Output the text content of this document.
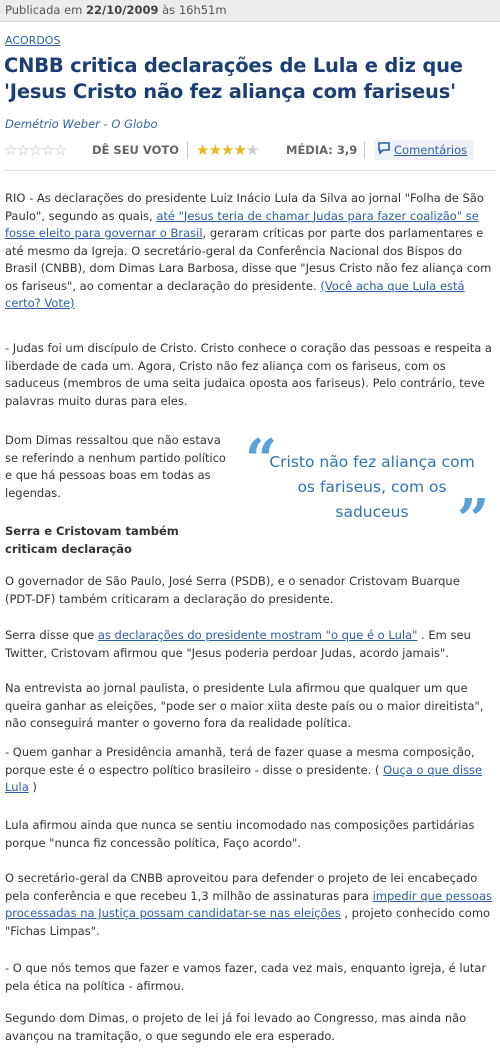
Publicada em 22/10/2009 às 16h51m
ACORDOS
CNBB critica declarações de Lula e diz que 'Jesus Cristo não fez aliança com fariseus'
Demétrio Weber - O Globo
☆☆☆☆☆ DÊ SEU VOTO ★★★★★ MÉDIA: 3,9	Comentários

RIO - As declarações do presidente Luiz Inácio Lula da Silva ao jornal "Folha de São Paulo", segundo as quais, até "Jesus teria de chamar Judas para fazer coalizão" se fosse eleito para governar o Brasil, geraram críticas por parte dos parlamentares e até mesmo da Igreja. O secretário-geral da Conferência Nacional dos Bispos do Brasil (CNBB), dom Dimas Lara Barbosa, disse que "Jesus Cristo não fez aliança com os fariseus", ao comentar a declaração do presidente. (Você acha que Lula está certo? Vote)

- Judas foi um discípulo de Cristo. Cristo conhece o coração das pessoas e respeita a liberdade de cada um. Agora, Cristo não fez aliança com os fariseus, com os saduceus (membros de uma seita judaica oposta aos fariseus). Pelo contrário, teve palavras muito duras para eles.

Dom Dimas ressaltou que não estava se referindo a nenhum partido político e que há pessoas boas em todas as legendas.	“
Cristo não fez aliança com os fariseus, com os saduceus ”
Serra e Cristovam também criticam declaração

O governador de São Paulo, José Serra (PSDB), e o senador Cristovam Buarque (PDT-DF) também criticaram a declaração do presidente.

Serra disse que as declarações do presidente mostram "o que é o Lula" . Em seu Twitter, Cristovam afirmou que "Jesus poderia perdoar Judas, acordo jamais".

Na entrevista ao jornal paulista, o presidente Lula afirmou que qualquer um que queira ganhar as eleições, "pode ser o maior xiita deste país ou o maior direitista", não conseguirá manter o governo fora da realidade política.

- Quem ganhar a Presidência amanhã, terá de fazer quase a mesma composição, porque este é o espectro político brasileiro - disse o presidente. ( Ouça o que disse Lula )

Lula afirmou ainda que nunca se sentiu incomodado nas composições partidárias porque "nunca fiz concessão política, Faço acordo".

O secretário-geral da CNBB aproveitou para defender o projeto de lei encabeçado pela conferência e que recebeu 1,3 milhão de assinaturas para impedir que pessoas processadas na Justiça possam candidatar-se nas eleições , projeto conhecido como "Fichas Limpas".

- O que nós temos que fazer e vamos fazer, cada vez mais, enquanto igreja, é lutar pela ética na política - afirmou.

Segundo dom Dimas, o projeto de lei já foi levado ao Congresso, mas ainda não avançou na tramitação, o que segundo ele era esperado.
